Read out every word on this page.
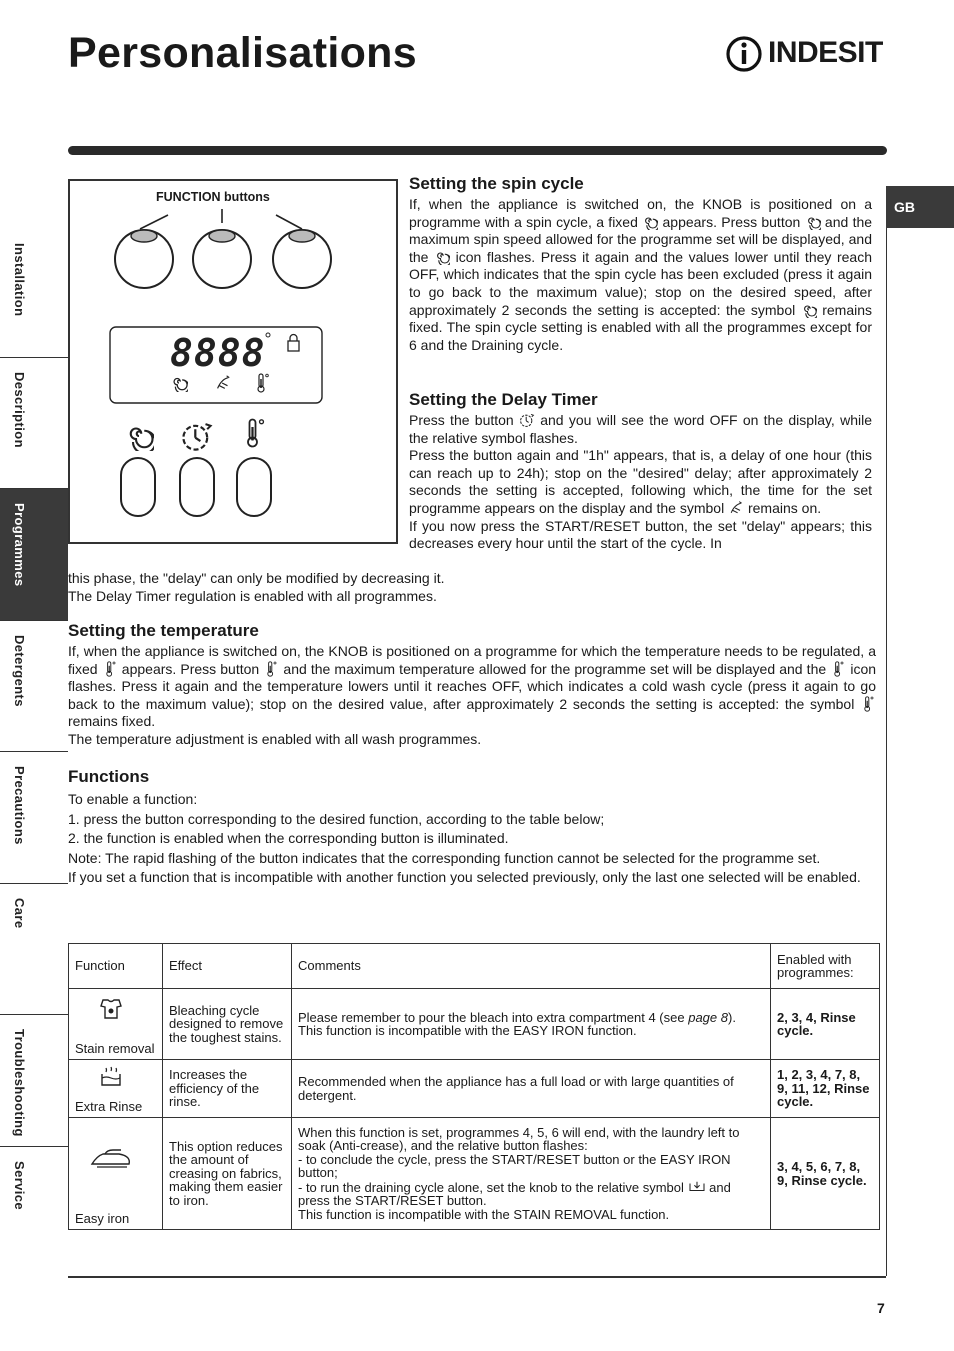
Personalisations	INDESIT
GB
Installation
Description
Programmes
Detergents
Precautions
Care
Troubleshooting
Service
FUNCTION buttons
8888
Setting the spin cycle

If, when the appliance is switched on, the KNOB is positioned on a programme with a spin cycle, a fixed appears. Press button and the maximum spin speed allowed for the programme set will be displayed, and the icon flashes. Press it again and the values lower until they reach OFF, which indicates that the spin cycle has been excluded (press it again to go back to the maximum value); stop on the desired speed, after approximately 2 seconds the setting is accepted: the symbol remains fixed. The spin cycle setting is enabled with all the programmes except for 6 and the Draining cycle.

Setting the Delay Timer

Press the button and you will see the word OFF on the display, while the relative symbol flashes.

Press the button again and "1h" appears, that is, a delay of one hour (this can reach up to 24h); stop on the "desired" delay; after approximately 2 seconds the setting is accepted, following which, the time for the set programme appears on the display and the symbol remains on.

If you now press the START/RESET button, the set "delay" appears; this decreases every hour until the start of the cycle. In

this phase, the "delay" can only be modified by decreasing it.

The Delay Timer regulation is enabled with all programmes.

Setting the temperature

If, when the appliance is switched on, the KNOB is positioned on a programme for which the temperature needs to be regulated, a fixed appears. Press button and the maximum temperature allowed for the programme set will be displayed and the icon flashes. Press it again and the temperature lowers until it reaches OFF, which indicates a cold wash cycle (press it again to go back to the maximum value); stop on the desired value, after approximately 2 seconds the setting is accepted: the symbol  remains fixed.

The temperature adjustment is enabled with all wash programmes.

Functions

To enable a function:

1. press the button corresponding to the desired function, according to the table below;

2. the function is enabled when the corresponding button is illuminated.

Note: The rapid flashing of the button indicates that the corresponding function cannot be selected for the programme set.

If you set a function that is incompatible with another function you selected previously, only the last one selected will be enabled.

Function	Effect	Comments	Enabled with programmes:

Stain removal	Bleaching cycle designed to remove the toughest stains.	Please remember to pour the bleach into extra compartment 4 (see page 8).
This function is incompatible with the EASY IRON function.	2, 3, 4, Rinse cycle.

Extra Rinse	Increases the efficiency of the rinse.	Recommended when the appliance has a full load or with large quantities of detergent.	1, 2, 3, 4, 7, 8, 9, 11, 12, Rinse cycle.

Easy iron	This option reduces the amount of creasing on fabrics, making them easier to iron.	When this function is set, programmes 4, 5, 6 will end, with the laundry left to soak (Anti-crease), and the relative button flashes:
- to conclude the cycle, press the START/RESET button or the EASY IRON button;
- to run the draining cycle alone, set the knob to the relative symbol and press the START/RESET button.
This function is incompatible with the STAIN REMOVAL function.	3, 4, 5, 6, 7, 8, 9, Rinse cycle.
7
